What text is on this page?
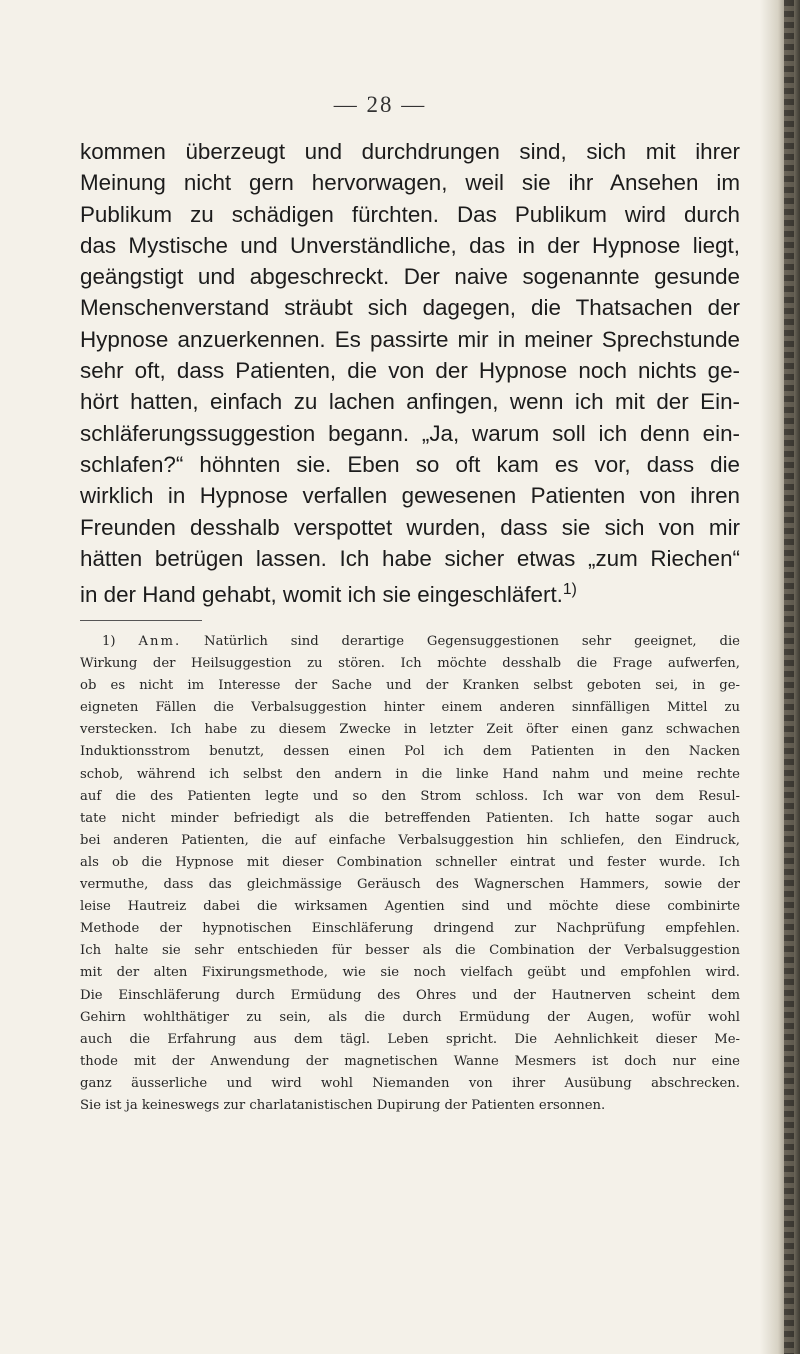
— 28 —
kommen überzeugt und durchdrungen sind, sich mit ihrer
Meinung nicht gern hervorwagen, weil sie ihr Ansehen im
Publikum zu schädigen fürchten. Das Publikum wird durch
das Mystische und Unverständliche, das in der Hypnose liegt,
geängstigt und abgeschreckt. Der naive sogenannte gesunde
Menschenverstand sträubt sich dagegen, die Thatsachen der
Hypnose anzuerkennen. Es passirte mir in meiner Sprechstunde
sehr oft, dass Patienten, die von der Hypnose noch nichts ge-
hört hatten, einfach zu lachen anfingen, wenn ich mit der Ein-
schläferungssuggestion begann. „Ja, warum soll ich denn ein-
schlafen?“ höhnten sie. Eben so oft kam es vor, dass die
wirklich in Hypnose verfallen gewesenen Patienten von ihren
Freunden desshalb verspottet wurden, dass sie sich von mir
hätten betrügen lassen. Ich habe sicher etwas „zum Riechen“
in der Hand gehabt, womit ich sie eingeschläfert.$^{1)}$
1) Anm. Natürlich sind derartige Gegensuggestionen sehr geeignet, die
Wirkung der Heilsuggestion zu stören. Ich möchte desshalb die Frage aufwerfen,
ob es nicht im Interesse der Sache und der Kranken selbst geboten sei, in ge-
eigneten Fällen die Verbalsuggestion hinter einem anderen sinnfälligen Mittel zu
verstecken. Ich habe zu diesem Zwecke in letzter Zeit öfter einen ganz schwachen
Induktionsstrom benutzt, dessen einen Pol ich dem Patienten in den Nacken
schob, während ich selbst den andern in die linke Hand nahm und meine rechte
auf die des Patienten legte und so den Strom schloss. Ich war von dem Resul-
tate nicht minder befriedigt als die betreffenden Patienten. Ich hatte sogar auch
bei anderen Patienten, die auf einfache Verbalsuggestion hin schliefen, den Eindruck,
als ob die Hypnose mit dieser Combination schneller eintrat und fester wurde. Ich
vermuthe, dass das gleichmässige Geräusch des Wagnerschen Hammers, sowie der
leise Hautreiz dabei die wirksamen Agentien sind und möchte diese combinirte
Methode der hypnotischen Einschläferung dringend zur Nachprüfung empfehlen.
Ich halte sie sehr entschieden für besser als die Combination der Verbalsuggestion
mit der alten Fixirungsmethode, wie sie noch vielfach geübt und empfohlen wird.
Die Einschläferung durch Ermüdung des Ohres und der Hautnerven scheint dem
Gehirn wohlthätiger zu sein, als die durch Ermüdung der Augen, wofür wohl
auch die Erfahrung aus dem tägl. Leben spricht. Die Aehnlichkeit dieser Me-
thode mit der Anwendung der magnetischen Wanne Mesmers ist doch nur eine
ganz äusserliche und wird wohl Niemanden von ihrer Ausübung abschrecken.
Sie ist ja keineswegs zur charlatanistischen Dupirung der Patienten ersonnen.
